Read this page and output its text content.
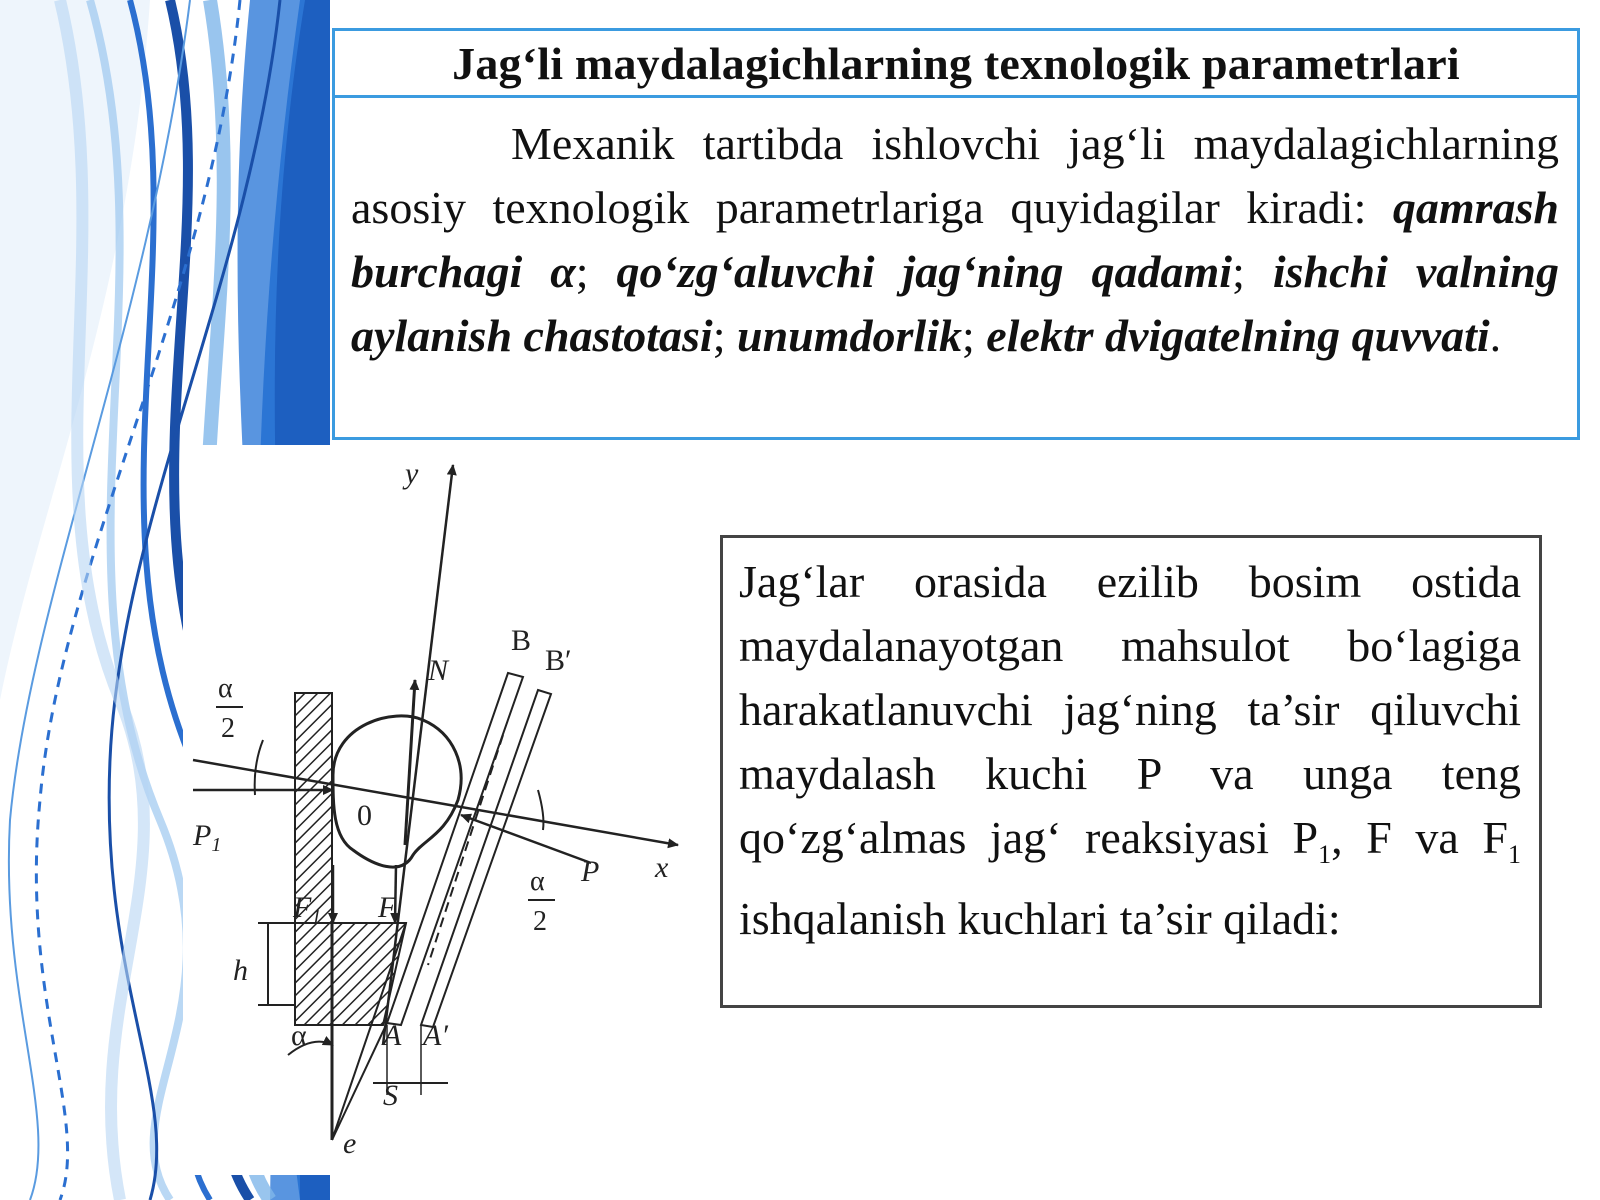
Jag‘li maydalagichlarning texnologik parametrlari

Mexanik tartibda ishlovchi jag‘li maydalagichlarning asosiy texnologik parametrlariga quyidagilar kiradi: qamrash burchagi α; qo‘zg‘aluvchi jag‘ning qadami; ishchi valning aylanish chastotasi; unumdorlik; elektr dvigatelning quvvati.

y
x
N
B
B′
0
P
$P_1$
F
$F_1$
h
α
α
2
α
2
A A′
S
e

Jag‘lar orasida ezilib bosim ostida maydalanayotgan mahsulot bo‘lagiga harakatlanuvchi jag‘ning ta’sir qiluvchi maydalash kuchi P va unga teng qo‘zg‘almas jag‘ reaksiyasi $P_1$, F va $F_1$ ishqalanish kuchlari ta’sir qiladi:
